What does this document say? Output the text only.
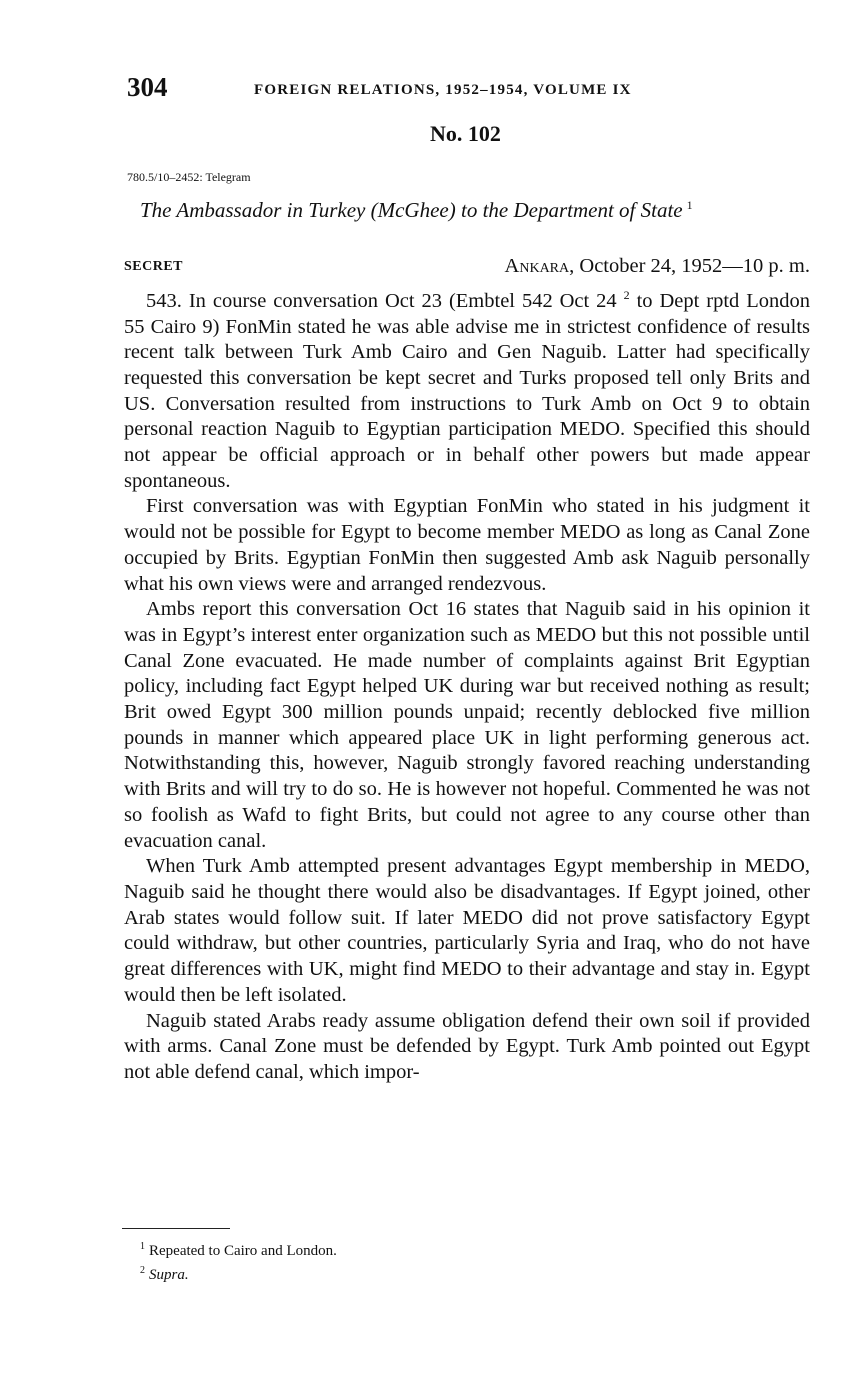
304	FOREIGN RELATIONS, 1952–1954, VOLUME IX
No. 102
780.5/10–2452: Telegram
The Ambassador in Turkey (McGhee) to the Department of State $^1$
SECRET	Ankara, October 24, 1952—10 p. m.

543. In course conversation Oct 23 (Embtel 542 Oct 24 $^2$ to Dept rptd London 55 Cairo 9) FonMin stated he was able advise me in strictest confidence of results recent talk between Turk Amb Cairo and Gen Naguib. Latter had specifically requested this conversation be kept secret and Turks proposed tell only Brits and US. Conversation resulted from instructions to Turk Amb on Oct 9 to obtain personal reaction Naguib to Egyptian participation MEDO. Specified this should not appear be official approach or in behalf other powers but made appear spontaneous.

First conversation was with Egyptian FonMin who stated in his judgment it would not be possible for Egypt to become member MEDO as long as Canal Zone occupied by Brits. Egyptian FonMin then suggested Amb ask Naguib personally what his own views were and arranged rendezvous.

Ambs report this conversation Oct 16 states that Naguib said in his opinion it was in Egypt’s interest enter organization such as MEDO but this not possible until Canal Zone evacuated. He made number of complaints against Brit Egyptian policy, including fact Egypt helped UK during war but received nothing as result; Brit owed Egypt 300 million pounds unpaid; recently deblocked five million pounds in manner which appeared place UK in light performing generous act. Notwithstanding this, however, Naguib strongly favored reaching understanding with Brits and will try to do so. He is however not hopeful. Commented he was not so foolish as Wafd to fight Brits, but could not agree to any course other than evacuation canal.

When Turk Amb attempted present advantages Egypt membership in MEDO, Naguib said he thought there would also be disadvantages. If Egypt joined, other Arab states would follow suit. If later MEDO did not prove satisfactory Egypt could withdraw, but other countries, particularly Syria and Iraq, who do not have great differences with UK, might find MEDO to their advantage and stay in. Egypt would then be left isolated.

Naguib stated Arabs ready assume obligation defend their own soil if provided with arms. Canal Zone must be defended by Egypt. Turk Amb pointed out Egypt not able defend canal, which impor-

$^1$ Repeated to Cairo and London.
$^2$ Supra.
